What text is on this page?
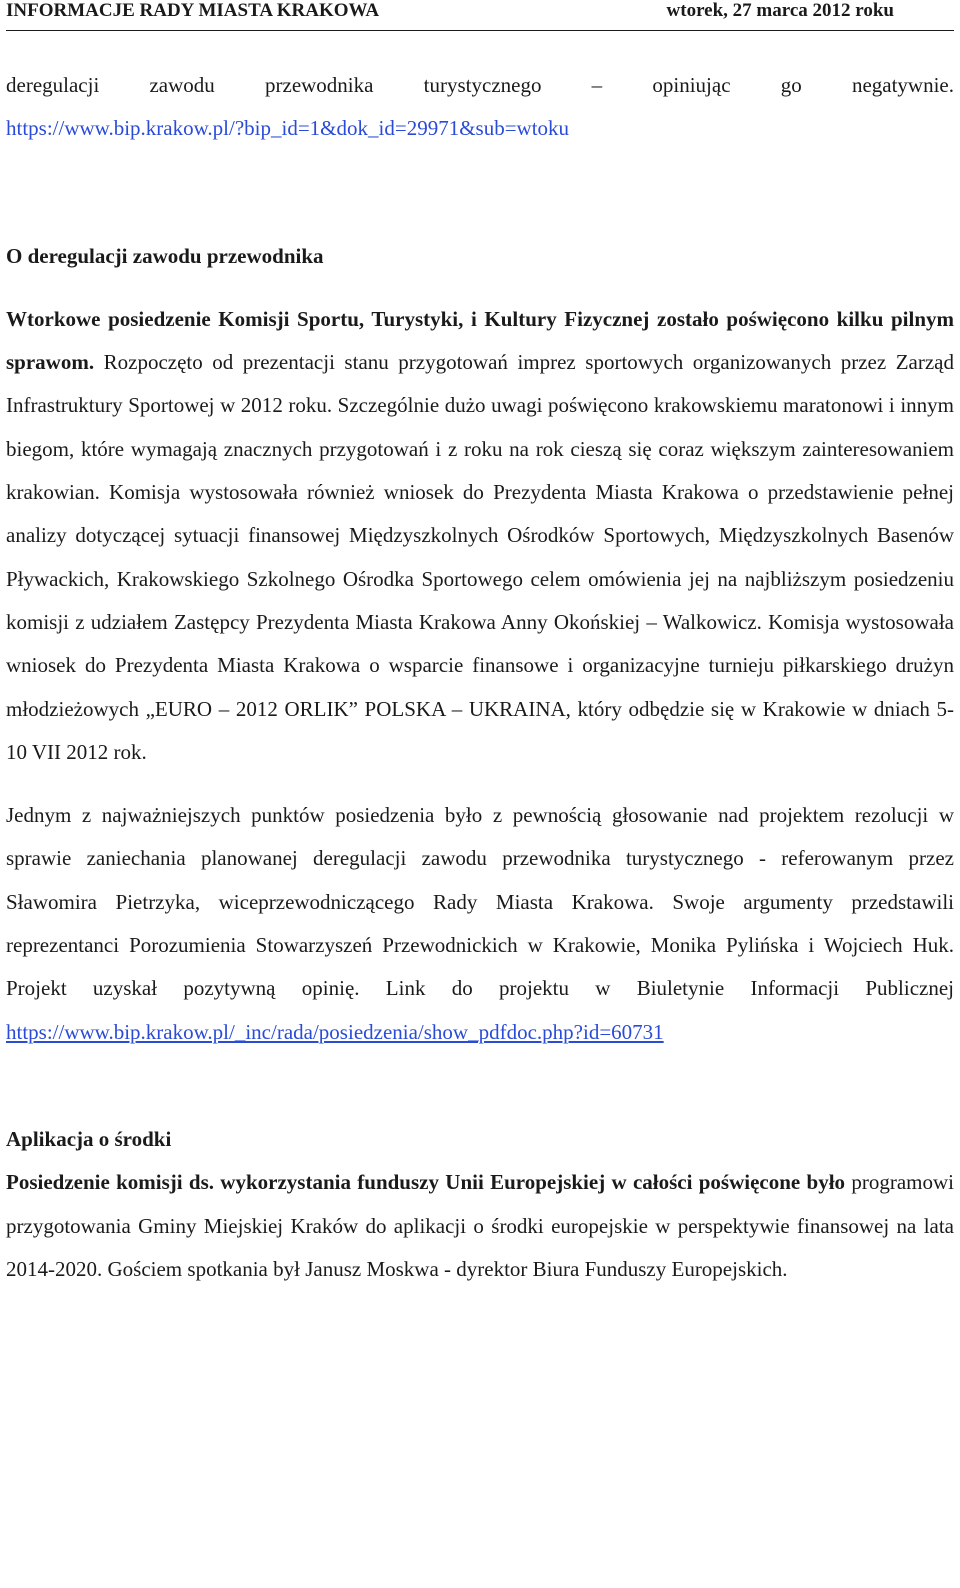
INFORMACJE RADY MIASTA KRAKOWA	wtorek, 27 marca 2012 roku

deregulacji zawodu przewodnika turystycznego – opiniując go negatywnie.

https://www.bip.krakow.pl/?bip_id=1&dok_id=29971&sub=wtoku

O deregulacji zawodu przewodnika

Wtorkowe posiedzenie Komisji Sportu, Turystyki, i Kultury Fizycznej zostało poświęcono kilku pilnym sprawom. Rozpoczęto od prezentacji stanu przygotowań imprez sportowych organizowanych przez Zarząd Infrastruktury Sportowej w 2012 roku. Szczególnie dużo uwagi poświęcono krakowskiemu maratonowi i innym biegom, które wymagają znacznych przygotowań i z roku na rok cieszą się coraz większym zainteresowaniem krakowian. Komisja wystosowała również wniosek do Prezydenta Miasta Krakowa o przedstawienie pełnej analizy dotyczącej sytuacji finansowej Międzyszkolnych Ośrodków Sportowych, Międzyszkolnych Basenów Pływackich, Krakowskiego Szkolnego Ośrodka Sportowego celem omówienia jej na najbliższym posiedzeniu komisji z udziałem Zastępcy Prezydenta Miasta Krakowa Anny Okońskiej – Walkowicz. Komisja wystosowała wniosek do Prezydenta Miasta Krakowa o wsparcie finansowe i organizacyjne turnieju piłkarskiego drużyn młodzieżowych „EURO – 2012 ORLIK” POLSKA – UKRAINA, który odbędzie się w Krakowie w dniach 5-10 VII 2012 rok.

Jednym z najważniejszych punktów posiedzenia było z pewnością głosowanie nad projektem rezolucji w sprawie zaniechania planowanej deregulacji zawodu przewodnika turystycznego - referowanym przez Sławomira Pietrzyka, wiceprzewodniczącego Rady Miasta Krakowa. Swoje argumenty przedstawili reprezentanci Porozumienia Stowarzyszeń Przewodnickich w Krakowie, Monika Pylińska i Wojciech Huk. Projekt uzyskał pozytywną opinię. Link do projektu w Biuletynie Informacji Publicznej

https://www.bip.krakow.pl/_inc/rada/posiedzenia/show_pdfdoc.php?id=60731

Aplikacja o środki

Posiedzenie komisji ds. wykorzystania funduszy Unii Europejskiej w całości poświęcone było programowi przygotowania Gminy Miejskiej Kraków do aplikacji o środki europejskie w perspektywie finansowej na lata 2014-2020. Gościem spotkania był Janusz Moskwa - dyrektor Biura Funduszy Europejskich.
